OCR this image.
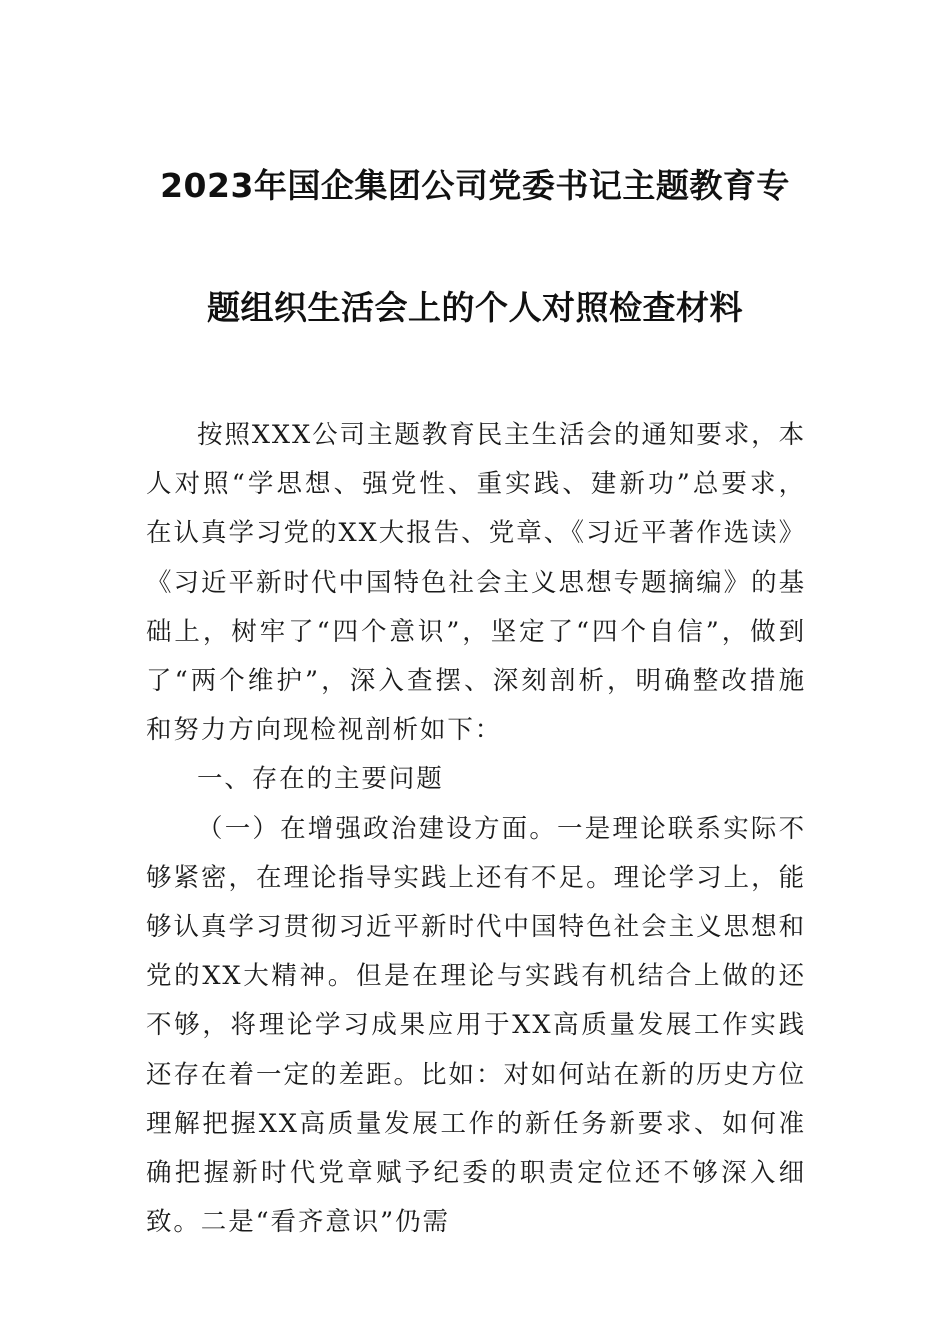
2023年国企集团公司党委书记主题教育专
题组织生活会上的个人对照检查材料

按照XXX公司主题教育民主生活会的通知要求，本人对照“学思想、强党性、重实践、建新功”总要求，在认真学习党的XX大报告、党章、《习近平著作选读》《习近平新时代中国特色社会主义思想专题摘编》的基础上，树牢了“四个意识”，坚定了“四个自信”，做到了“两个维护”，深入查摆、深刻剖析，明确整改措施和努力方向现检视剖析如下：

一、存在的主要问题

（一）在增强政治建设方面。一是理论联系实际不够紧密，在理论指导实践上还有不足。理论学习上，能够认真学习贯彻习近平新时代中国特色社会主义思想和党的XX大精神。但是在理论与实践有机结合上做的还不够，将理论学习成果应用于XX高质量发展工作实践还存在着一定的差距。比如：对如何站在新的历史方位理解把握XX高质量发展工作的新任务新要求、如何准确把握新时代党章赋予纪委的职责定位还不够深入细致。二是“看齐意识”仍需
